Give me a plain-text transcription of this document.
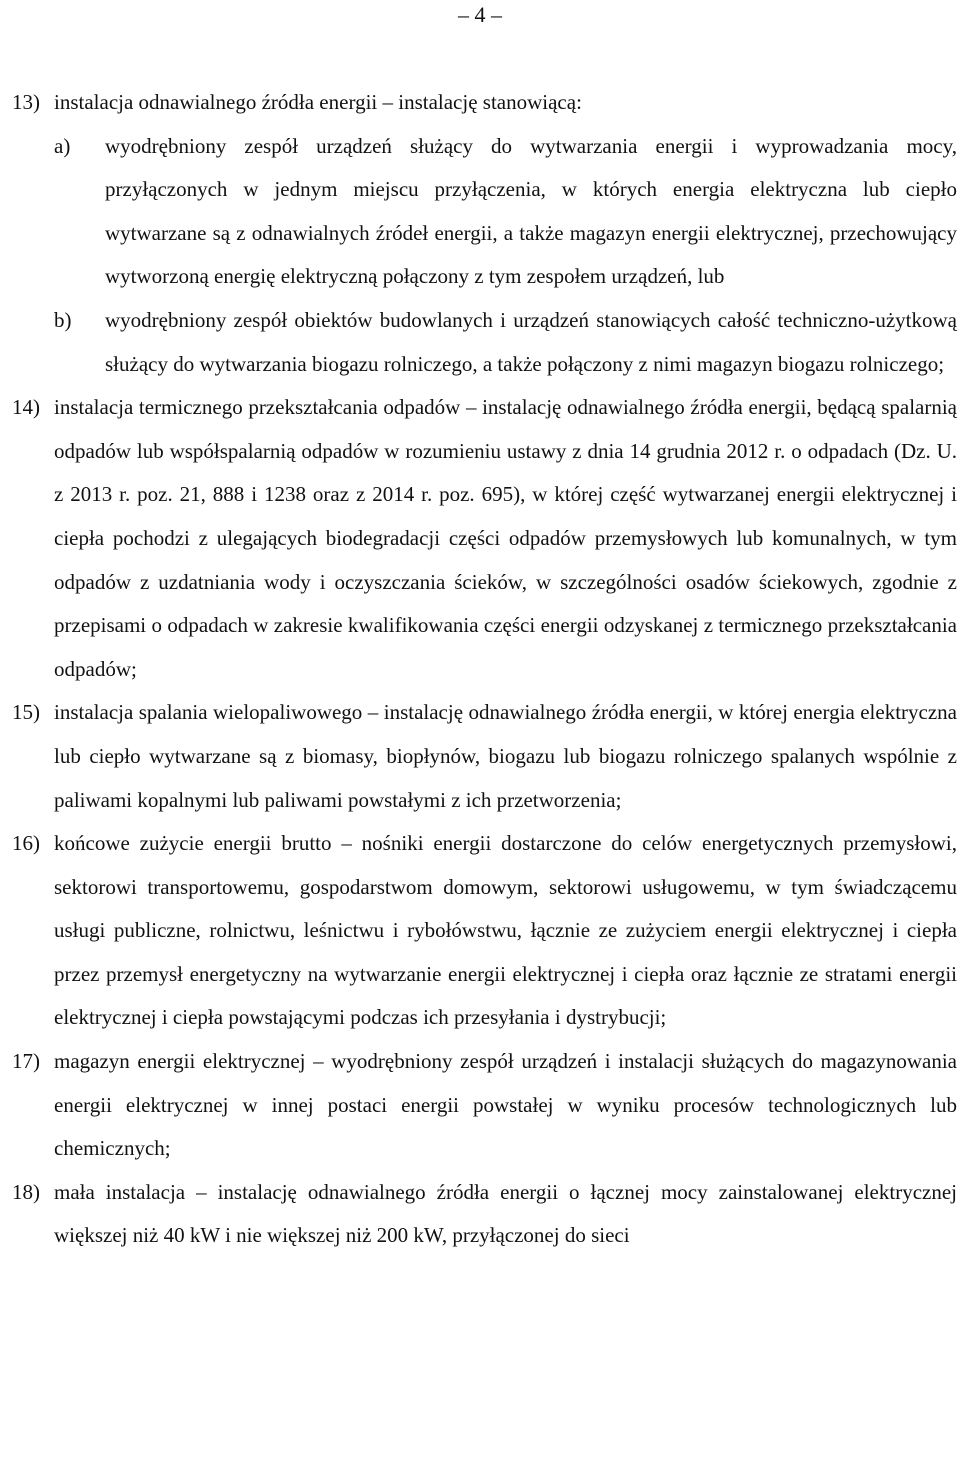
– 4 –
13) instalacja odnawialnego źródła energii – instalację stanowiącą:
a)	wyodrębniony zespół urządzeń służący do wytwarzania energii i wyprowadzania mocy, przyłączonych w jednym miejscu przyłączenia, w których energia elektryczna lub ciepło wytwarzane są z odnawialnych źródeł energii, a także magazyn energii elektrycznej, przechowujący wytworzoną energię elektryczną połączony z tym zespołem urządzeń, lub
b)	wyodrębniony zespół obiektów budowlanych i urządzeń stanowiących całość techniczno-użytkową służący do wytwarzania biogazu rolniczego, a także połączony z nimi magazyn biogazu rolniczego;
14) instalacja termicznego przekształcania odpadów – instalację odnawialnego źródła energii, będącą spalarnią odpadów lub współspalarnią odpadów w rozumieniu ustawy z dnia 14 grudnia 2012 r. o odpadach (Dz. U. z 2013 r. poz. 21, 888 i 1238 oraz z 2014 r. poz. 695), w której część wytwarzanej energii elektrycznej i ciepła pochodzi z ulegających biodegradacji części odpadów przemysłowych lub komunalnych, w tym odpadów z uzdatniania wody i oczyszczania ścieków, w szczególności osadów ściekowych, zgodnie z przepisami o odpadach w zakresie kwalifikowania części energii odzyskanej z termicznego przekształcania odpadów;
15) instalacja spalania wielopaliwowego – instalację odnawialnego źródła energii, w której energia elektryczna lub ciepło wytwarzane są z biomasy, biopłynów, biogazu lub biogazu rolniczego spalanych wspólnie z paliwami kopalnymi lub paliwami powstałymi z ich przetworzenia;
16) końcowe zużycie energii brutto – nośniki energii dostarczone do celów energetycznych przemysłowi, sektorowi transportowemu, gospodarstwom domowym, sektorowi usługowemu, w tym świadczącemu usługi publiczne, rolnictwu, leśnictwu i rybołówstwu, łącznie ze zużyciem energii elektrycznej i ciepła przez przemysł energetyczny na wytwarzanie energii elektrycznej i ciepła oraz łącznie ze stratami energii elektrycznej i ciepła powstającymi podczas ich przesyłania i dystrybucji;
17) magazyn energii elektrycznej – wyodrębniony zespół urządzeń i instalacji służących do magazynowania energii elektrycznej w innej postaci energii powstałej w wyniku procesów technologicznych lub chemicznych;
18) mała instalacja – instalację odnawialnego źródła energii o łącznej mocy zainstalowanej elektrycznej większej niż 40 kW i nie większej niż 200 kW, przyłączonej do sieci
